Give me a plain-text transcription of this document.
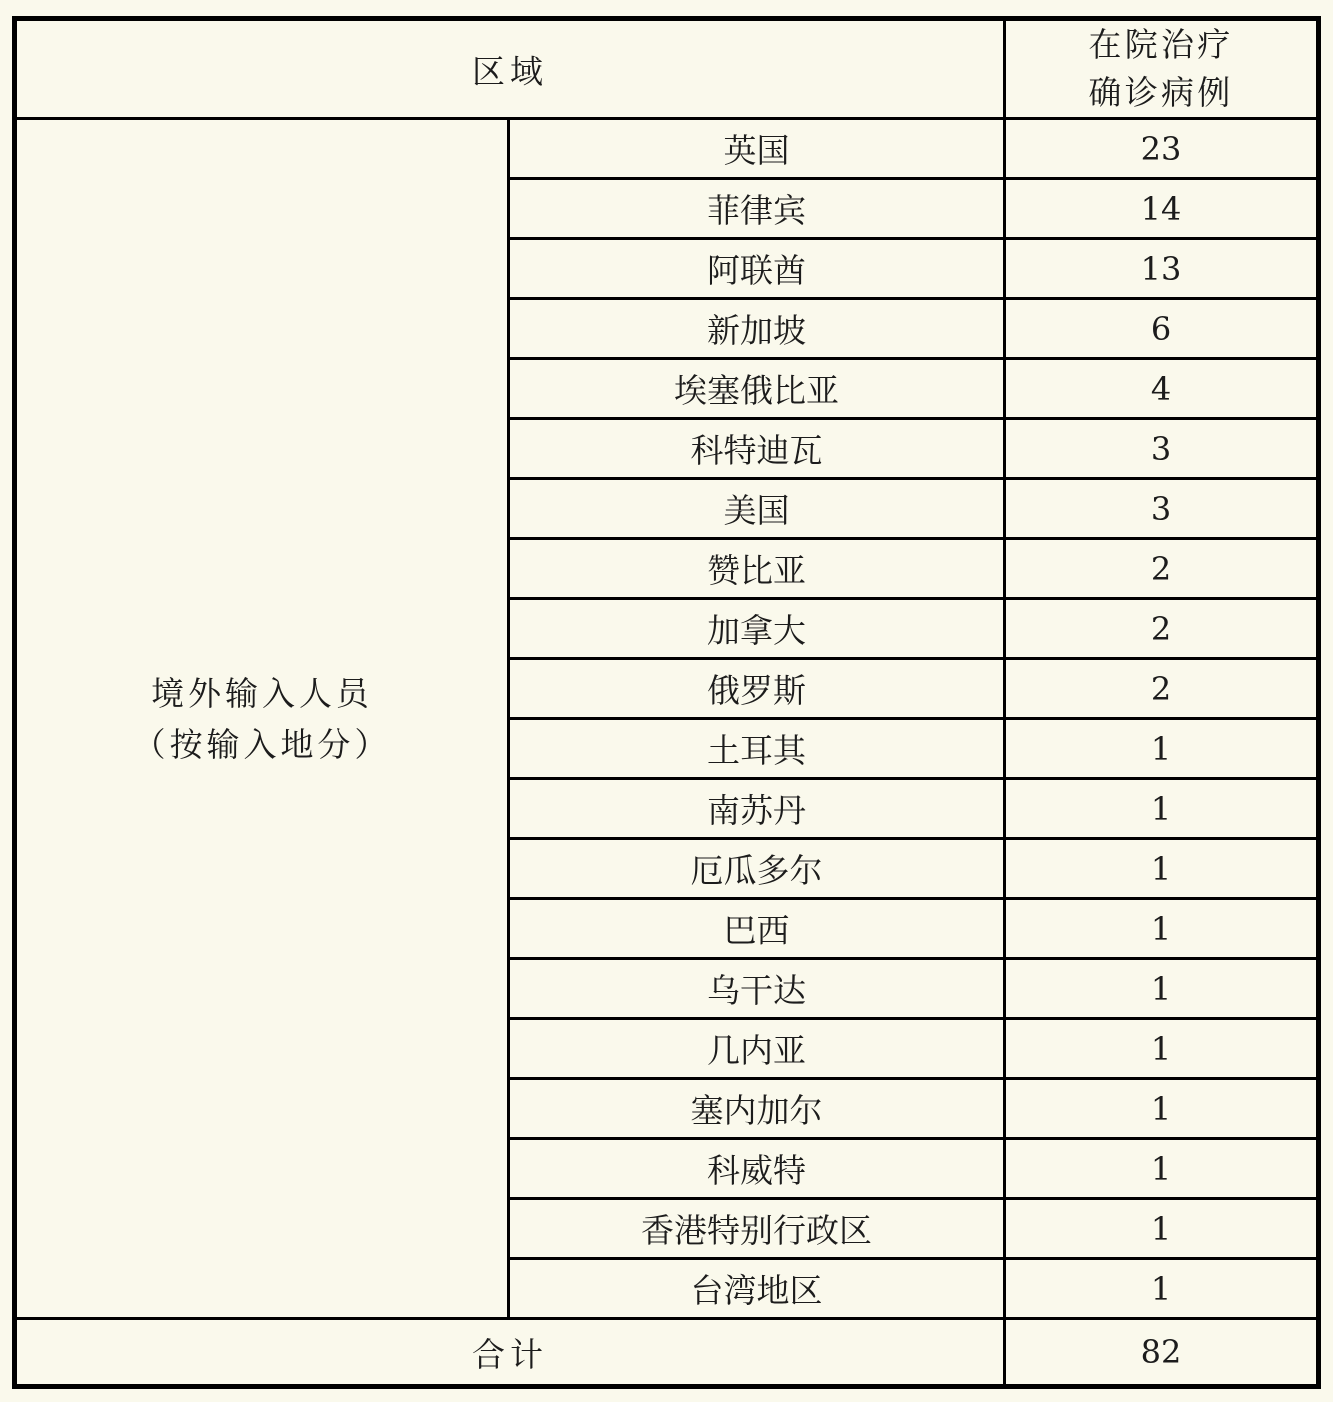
区域		在院治疗
确诊病例

境外输入人员
（按输入地分）	英国	23
	菲律宾	14
	阿联酋	13
	新加坡	6
	埃塞俄比亚	4
	科特迪瓦	3
	美国	3
	赞比亚	2
	加拿大	2
	俄罗斯	2
	土耳其	1
	南苏丹	1
	厄瓜多尔	1
	巴西	1
	乌干达	1
	几内亚	1
	塞内加尔	1
	科威特	1
	香港特别行政区	1
	台湾地区	1
合计		82
